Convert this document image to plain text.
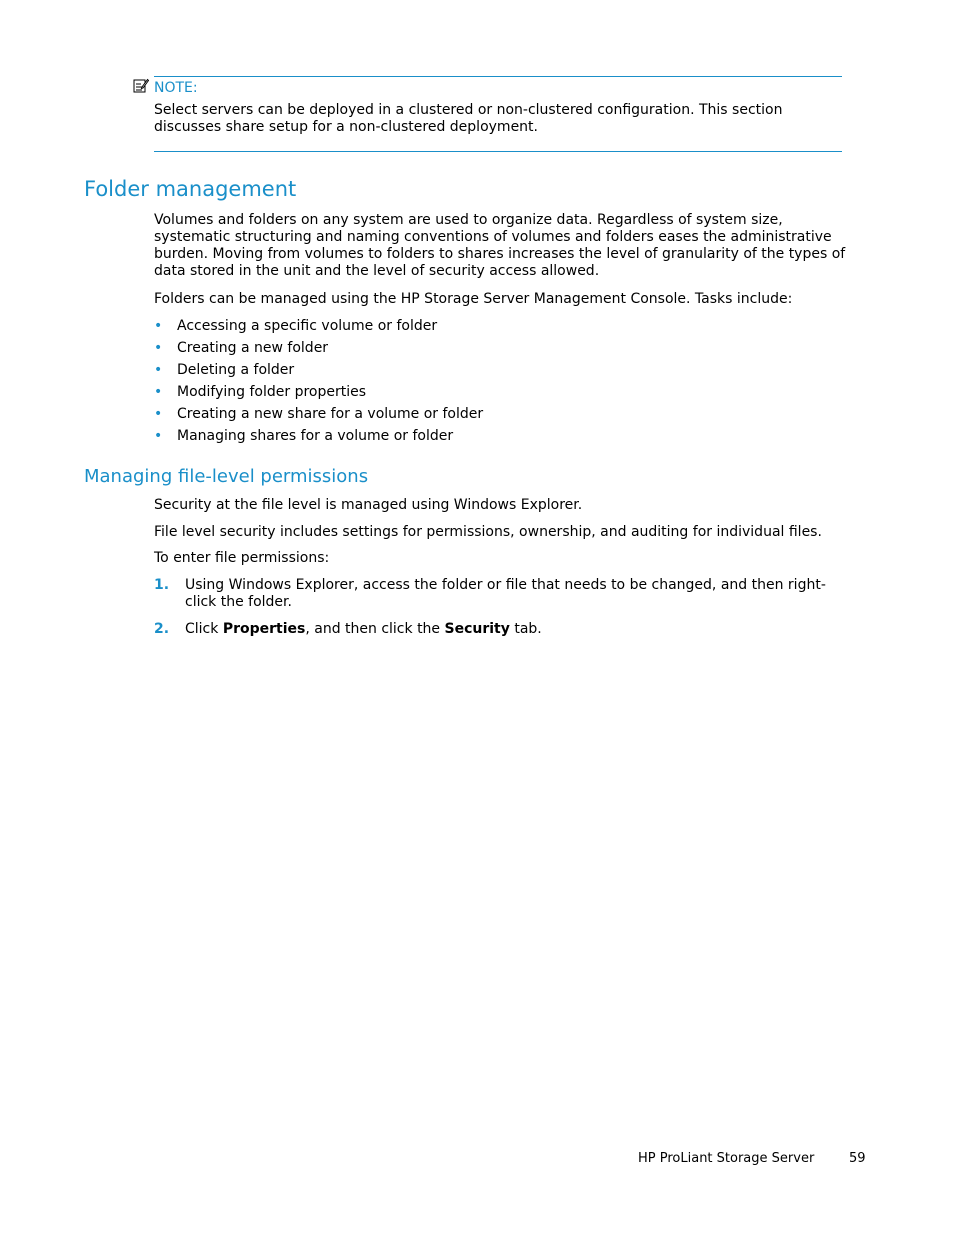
NOTE:
Select servers can be deployed in a clustered or non-clustered configuration. This section discusses share setup for a non-clustered deployment.
Folder management
Volumes and folders on any system are used to organize data. Regardless of system size, systematic structuring and naming conventions of volumes and folders eases the administrative burden. Moving from volumes to folders to shares increases the level of granularity of the types of data stored in the unit and the level of security access allowed.
Folders can be managed using the HP Storage Server Management Console. Tasks include:
•	Accessing a specific volume or folder
•	Creating a new folder
•	Deleting a folder
•	Modifying folder properties
•	Creating a new share for a volume or folder
•	Managing shares for a volume or folder
Managing file-level permissions
Security at the file level is managed using Windows Explorer.
File level security includes settings for permissions, ownership, and auditing for individual files.
To enter file permissions:
1.	Using Windows Explorer, access the folder or file that needs to be changed, and then right-click the folder.
2.	Click Properties, and then click the Security tab.
HP ProLiant Storage Server	59
